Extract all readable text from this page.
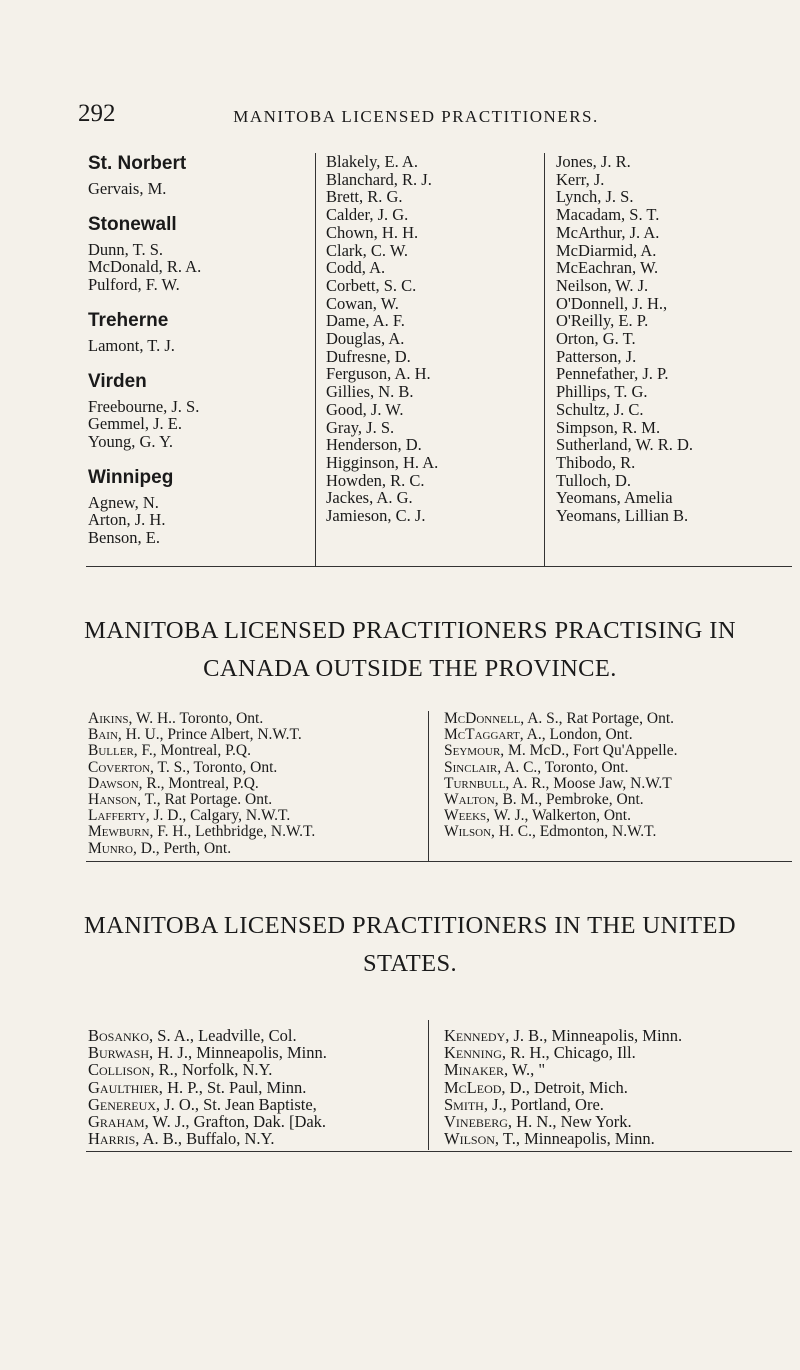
292	MANITOBA LICENSED PRACTITIONERS.
St. Norbert
Gervais, M.
Stonewall
Dunn, T. S.
McDonald, R. A.
Pulford, F. W.
Treherne
Lamont, T. J.
Virden
Freebourne, J. S.
Gemmel, J. E.
Young, G. Y.
Winnipeg
Agnew, N.
Arton, J. H.
Benson, E.
Blakely, E. A.
Blanchard, R. J.
Brett, R. G.
Calder, J. G.
Chown, H. H.
Clark, C. W.
Codd, A.
Corbett, S. C.
Cowan, W.
Dame, A. F.
Douglas, A.
Dufresne, D.
Ferguson, A. H.
Gillies, N. B.
Good, J. W.
Gray, J. S.
Henderson, D.
Higginson, H. A.
Howden, R. C.
Jackes, A. G.
Jamieson, C. J.
Jones, J. R.
Kerr, J.
Lynch, J. S.
Macadam, S. T.
McArthur, J. A.
McDiarmid, A.
McEachran, W.
Neilson, W. J.
O'Donnell, J. H.,
O'Reilly, E. P.
Orton, G. T.
Patterson, J.
Pennefather, J. P.
Phillips, T. G.
Schultz, J. C.
Simpson, R. M.
Sutherland, W. R. D.
Thibodo, R.
Tulloch, D.
Yeomans, Amelia
Yeomans, Lillian B.
MANITOBA LICENSED PRACTITIONERS PRACTISING IN
CANADA OUTSIDE THE PROVINCE.
Aikins, W. H.. Toronto, Ont.
Bain, H. U., Prince Albert, N.W.T.
Buller, F., Montreal, P.Q.
Coverton, T. S., Toronto, Ont.
Dawson, R., Montreal, P.Q.
Hanson, T., Rat Portage. Ont.
Lafferty, J. D., Calgary, N.W.T.
Mewburn, F. H., Lethbridge, N.W.T.
Munro, D., Perth, Ont.
McDonnell, A. S., Rat Portage, Ont.
McTaggart, A., London, Ont.
Seymour, M. McD., Fort Qu'Appelle.
Sinclair, A. C., Toronto, Ont.
Turnbull, A. R., Moose Jaw, N.W.T
Walton, B. M., Pembroke, Ont.
Weeks, W. J., Walkerton, Ont.
Wilson, H. C., Edmonton, N.W.T.
MANITOBA LICENSED PRACTITIONERS IN THE UNITED
STATES.
Bosanko, S. A., Leadville, Col.
Burwash, H. J., Minneapolis, Minn.
Collison, R., Norfolk, N.Y.
Gaulthier, H. P., St. Paul, Minn.
Genereux, J. O., St. Jean Baptiste,
Graham, W. J., Grafton, Dak. [Dak.
Harris, A. B., Buffalo, N.Y.
Kennedy, J. B., Minneapolis, Minn.
Kenning, R. H., Chicago, Ill.
Minaker, W., "
McLeod, D., Detroit, Mich.
Smith, J., Portland, Ore.
Vineberg, H. N., New York.
Wilson, T., Minneapolis, Minn.
